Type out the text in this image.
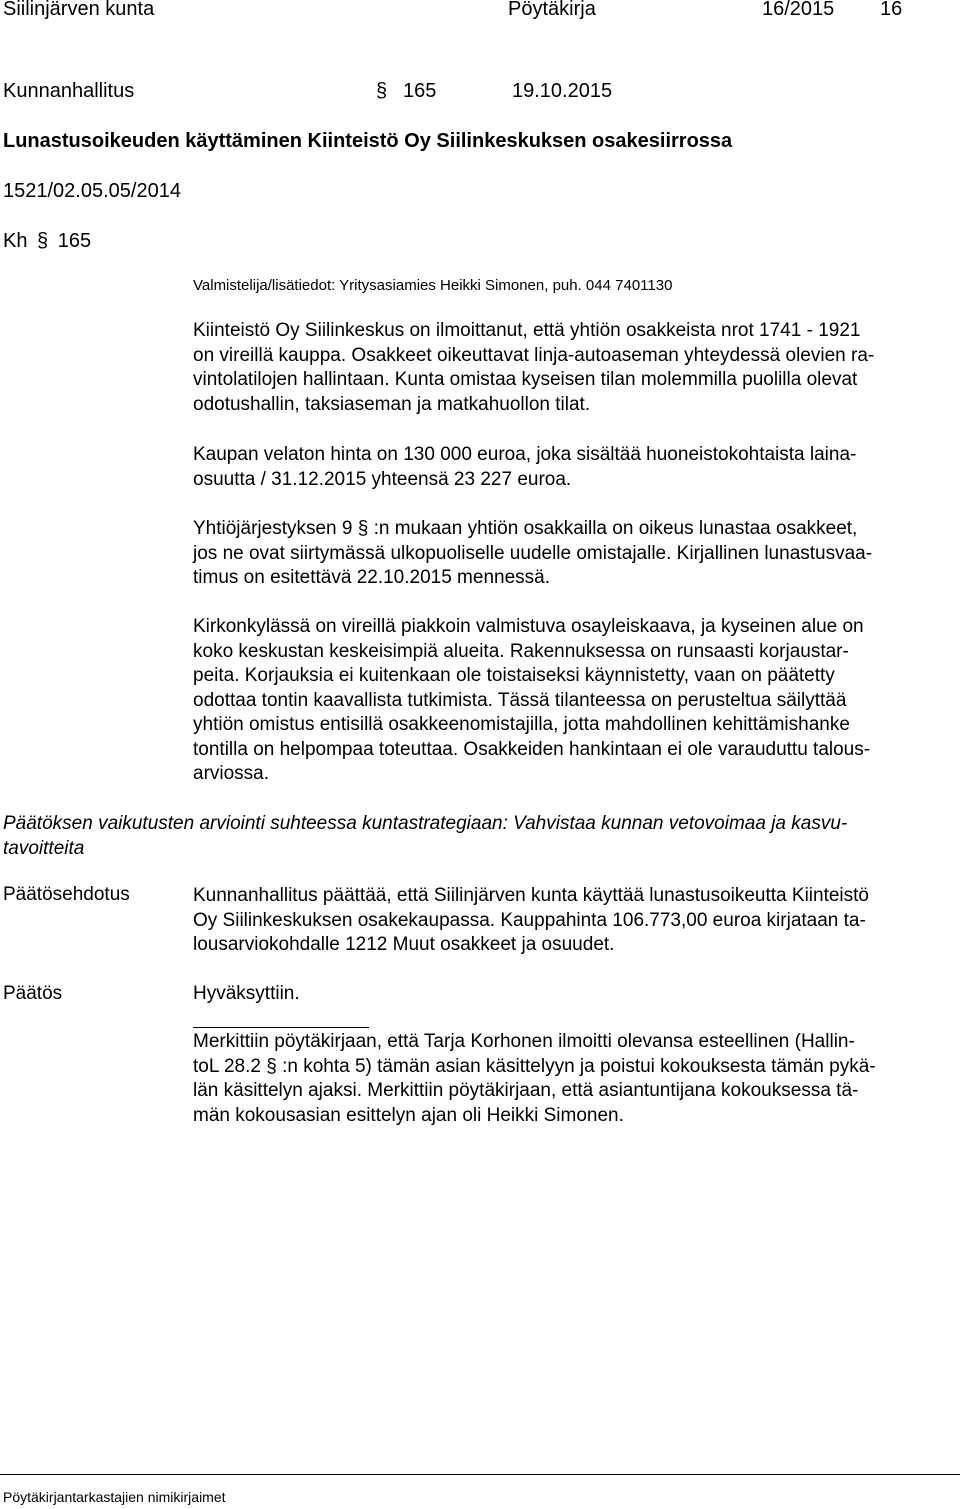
Siilinjärven kunta	Pöytäkirja	16/2015 16
Kunnanhallitus	§ 165	19.10.2015
Lunastusoikeuden käyttäminen Kiinteistö Oy Siilinkeskuksen osakesiirrossa
1521/02.05.05/2014
Kh § 165
Valmistelija/lisätiedot: Yritysasiamies Heikki Simonen, puh. 044 7401130
Kiinteistö Oy Siilinkeskus on ilmoittanut, että yhtiön osakkeista nrot 1741 - 1921
on vireillä kauppa. Osakkeet oikeuttavat linja-autoaseman yhteydessä olevien ra-
vintolatilojen hallintaan. Kunta omistaa kyseisen tilan molemmilla puolilla olevat
odotushallin, taksiaseman ja matkahuollon tilat.
Kaupan velaton hinta on 130 000 euroa, joka sisältää huoneistokohtaista laina-
osuutta / 31.12.2015 yhteensä 23 227 euroa.
Yhtiöjärjestyksen 9 § :n mukaan yhtiön osakkailla on oikeus lunastaa osakkeet,
jos ne ovat siirtymässä ulkopuoliselle uudelle omistajalle. Kirjallinen lunastusvaa-
timus on esitettävä 22.10.2015 mennessä.
Kirkonkylässä on vireillä piakkoin valmistuva osayleiskaava, ja kyseinen alue on
koko keskustan keskeisimpiä alueita. Rakennuksessa on runsaasti korjaustar-
peita. Korjauksia ei kuitenkaan ole toistaiseksi käynnistetty, vaan on päätetty
odottaa tontin kaavallista tutkimista. Tässä tilanteessa on perusteltua säilyttää
yhtiön omistus entisillä osakkeenomistajilla, jotta mahdollinen kehittämishanke
tontilla on helpompaa toteuttaa. Osakkeiden hankintaan ei ole varauduttu talous-
arviossa.
Päätöksen vaikutusten arviointi suhteessa kuntastrategiaan: Vahvistaa kunnan vetovoimaa ja kasvu-
tavoitteita
Päätösehdotus	Kunnanhallitus päättää, että Siilinjärven kunta käyttää lunastusoikeutta Kiinteistö
Oy Siilinkeskuksen osakekaupassa. Kauppahinta 106.773,00 euroa kirjataan ta-
lousarviokohdalle 1212 Muut osakkeet ja osuudet.
Päätös	Hyväksyttiin.
Merkittiin pöytäkirjaan, että Tarja Korhonen ilmoitti olevansa esteellinen (Hallin-
toL 28.2 § :n kohta 5) tämän asian käsittelyyn ja poistui kokouksesta tämän pykä-
län käsittelyn ajaksi. Merkittiin pöytäkirjaan, että asiantuntijana kokouksessa tä-
män kokousasian esittelyn ajan oli Heikki Simonen.
Pöytäkirjantarkastajien nimikirjaimet
